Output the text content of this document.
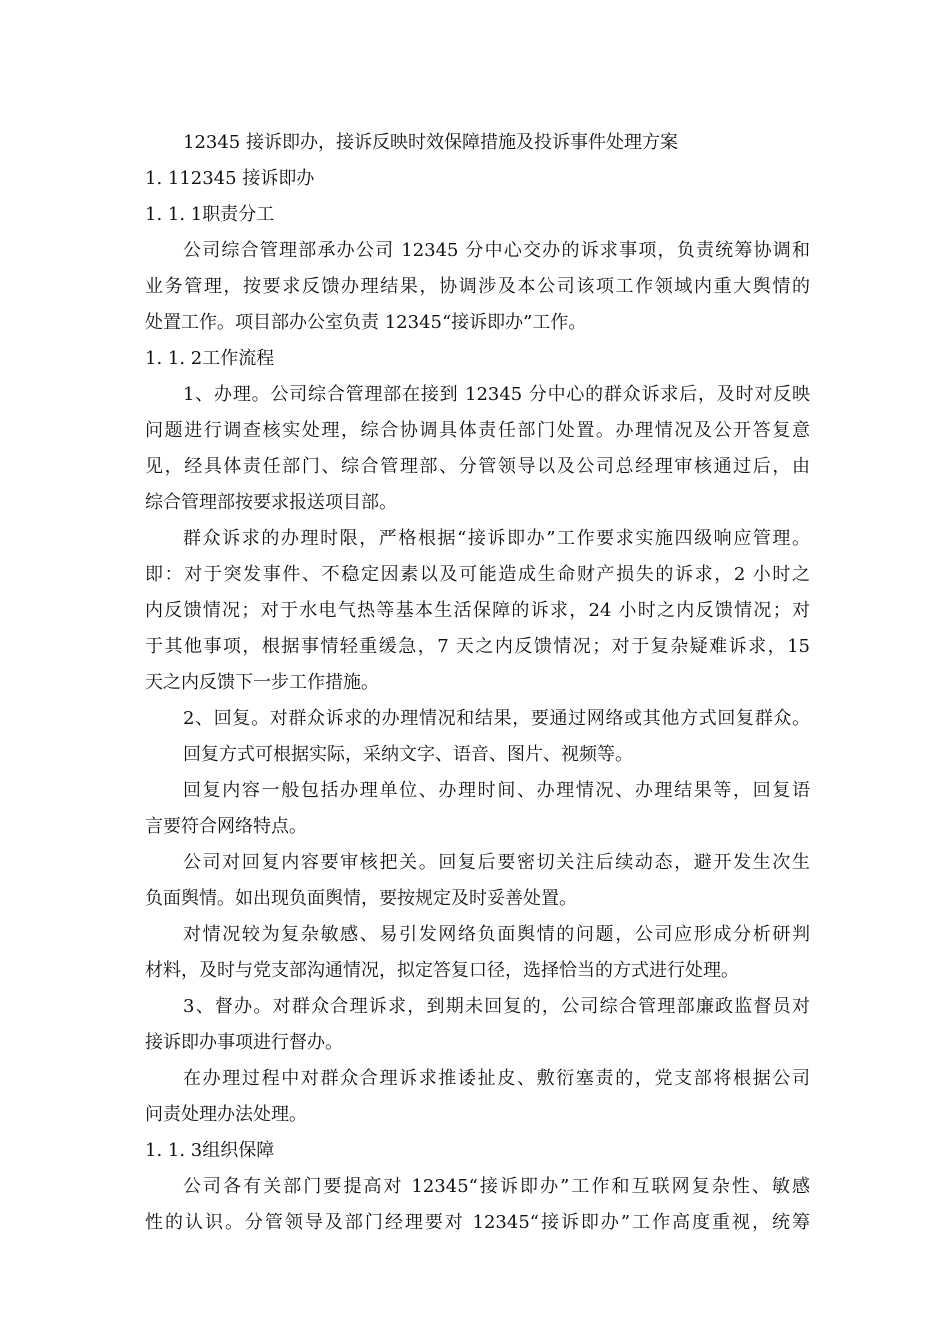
12345 接诉即办，接诉反映时效保障措施及投诉事件处理方案
1. 112345 接诉即办
1. 1. 1职责分工
公司综合管理部承办公司 12345 分中心交办的诉求事项，负责统筹协调和
业务管理，按要求反馈办理结果，协调涉及本公司该项工作领域内重大舆情的
处置工作。项目部办公室负责 12345“接诉即办”工作。
1. 1. 2工作流程
1、办理。公司综合管理部在接到 12345 分中心的群众诉求后，及时对反映
问题进行调查核实处理，综合协调具体责任部门处置。办理情况及公开答复意
见，经具体责任部门、综合管理部、分管领导以及公司总经理审核通过后，由
综合管理部按要求报送项目部。
群众诉求的办理时限，严格根据“接诉即办”工作要求实施四级响应管理。
即：对于突发事件、不稳定因素以及可能造成生命财产损失的诉求，2 小时之
内反馈情况；对于水电气热等基本生活保障的诉求，24 小时之内反馈情况；对
于其他事项，根据事情轻重缓急，7 天之内反馈情况；对于复杂疑难诉求，15
天之内反馈下一步工作措施。
2、回复。对群众诉求的办理情况和结果，要通过网络或其他方式回复群众。
回复方式可根据实际，采纳文字、语音、图片、视频等。
回复内容一般包括办理单位、办理时间、办理情况、办理结果等，回复语
言要符合网络特点。
公司对回复内容要审核把关。回复后要密切关注后续动态，避开发生次生
负面舆情。如出现负面舆情，要按规定及时妥善处置。
对情况较为复杂敏感、易引发网络负面舆情的问题，公司应形成分析研判
材料，及时与党支部沟通情况，拟定答复口径，选择恰当的方式进行处理。
3、督办。对群众合理诉求，到期未回复的，公司综合管理部廉政监督员对
接诉即办事项进行督办。
在办理过程中对群众合理诉求推诿扯皮、敷衍塞责的，党支部将根据公司
问责处理办法处理。
1. 1. 3组织保障
公司各有关部门要提高对 12345“接诉即办”工作和互联网复杂性、敏感
性的认识。分管领导及部门经理要对 12345“接诉即办”工作高度重视，统筹
